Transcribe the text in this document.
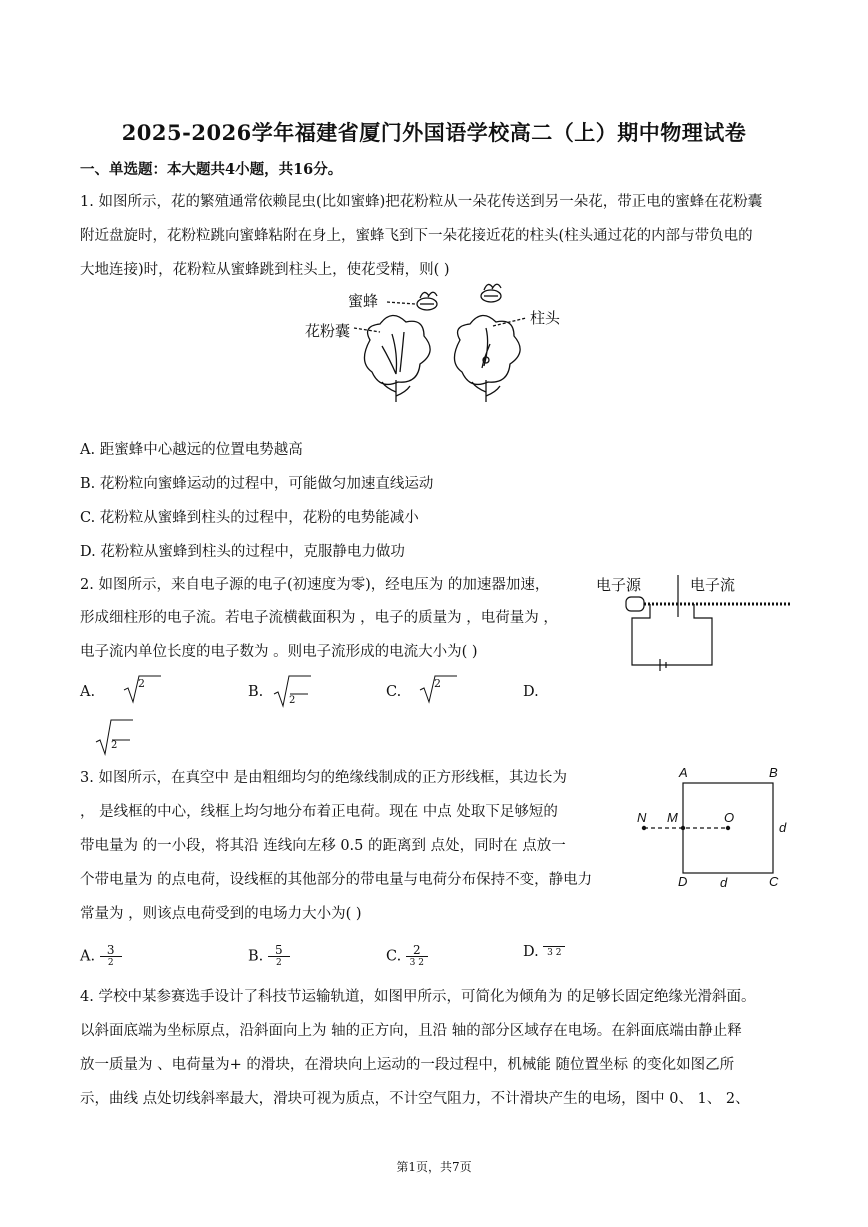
2025-2026学年福建省厦门外国语学校高二（上）期中物理试卷
一、单选题：本大题共4小题，共16分。
1. 如图所示，花的繁殖通常依赖昆虫(比如蜜蜂)把花粉粒从一朵花传送到另一朵花，带正电的蜜蜂在花粉囊
附近盘旋时，花粉粒跳向蜜蜂粘附在身上，蜜蜂飞到下一朵花接近花的柱头(柱头通过花的内部与带负电的
大地连接)时，花粉粒从蜜蜂跳到柱头上，使花受精，则( )
蜜蜂
花粉囊
柱头
A. 距蜜蜂中心越远的位置电势越高
B. 花粉粒向蜜蜂运动的过程中，可能做匀加速直线运动
C. 花粉粒从蜜蜂到柱头的过程中，花粉的电势能减小
D. 花粉粒从蜜蜂到柱头的过程中，克服静电力做功
2. 如图所示，来自电子源的电子(初速度为零)，经电压为 的加速器加速，
形成细柱形的电子流。若电子流横截面积为 ，电子的质量为 ，电荷量为 ，
电子流内单位长度的电子数为 。则电子流形成的电流大小为( )
电子源	电子流
A.
2
B.
2
C.
2
D.
2
3. 如图所示，在真空中 是由粗细均匀的绝缘线制成的正方形线框，其边长为
， 是线框的中心，线框上均匀地分布着正电荷。现在 中点 处取下足够短的
带电量为 的一小段，将其沿 连线向左移 0.5 的距离到 点处，同时在 点放一
个带电量为 的点电荷，设线框的其他部分的带电量与电荷分布保持不变，静电力
常量为 ，则该点电荷受到的电场力大小为( )
A	B
C
D
N M	O
d
d
A. $\frac{3}{2}$	B. $\frac{5}{2}$	C. $\frac{2}{3 2}$	D. 3 2
4. 学校中某参赛选手设计了科技节运输轨道，如图甲所示，可简化为倾角为 的足够长固定绝缘光滑斜面。
以斜面底端为坐标原点，沿斜面向上为 轴的正方向，且沿 轴的部分区域存在电场。在斜面底端由静止释
放一质量为 、电荷量为+ 的滑块，在滑块向上运动的一段过程中，机械能 随位置坐标 的变化如图乙所
示，曲线 点处切线斜率最大，滑块可视为质点，不计空气阻力，不计滑块产生的电场，图中 0、 1、 2、
第1页，共7页
